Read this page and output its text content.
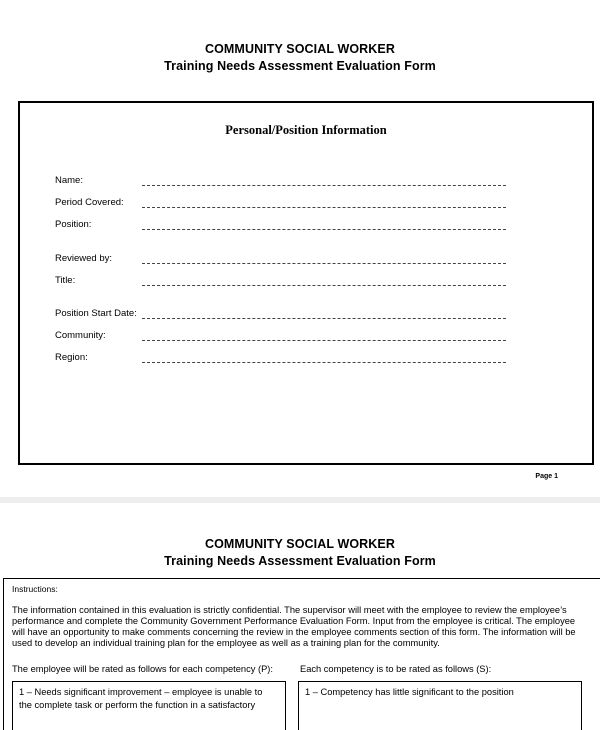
COMMUNITY SOCIAL WORKER
Training Needs Assessment Evaluation Form
Personal/Position Information
Name:
Period Covered:
Position:
Reviewed by:
Title:
Position Start Date:
Community:
Region:
Page 1
COMMUNITY SOCIAL WORKER
Training Needs Assessment Evaluation Form
Instructions:
The information contained in this evaluation is strictly confidential. The supervisor will meet with the employee to review the employee’s
performance and complete the Community Government Performance Evaluation Form. Input from the employee is critical. The employee
will have an opportunity to make comments concerning the review in the employee comments section of this form. The information will be
used to develop an individual training plan for the employee as well as a training plan for the community.
The employee will be rated as follows for each competency (P):	Each competency is to be rated as follows (S):
1 – Needs significant improvement – employee is unable to
the complete task or perform the function in a satisfactory
1 – Competency has little significant to the position
